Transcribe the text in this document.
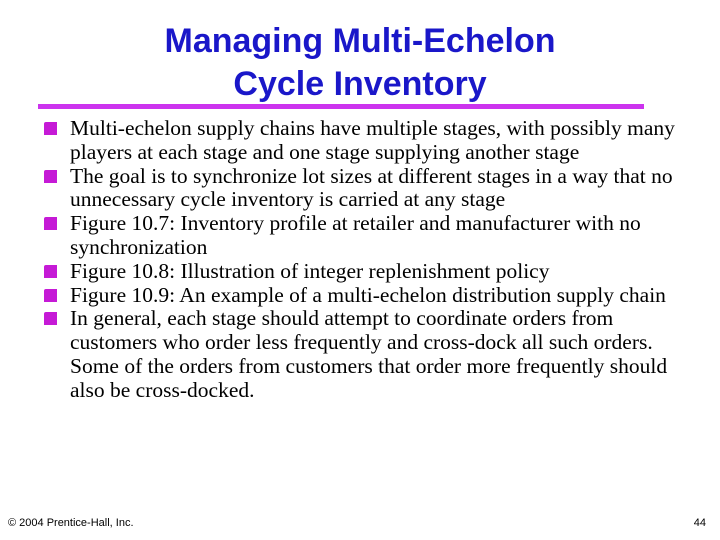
Managing Multi-Echelon
Cycle Inventory
Multi-echelon supply chains have multiple stages, with possibly many players at each stage and one stage supplying another stage
The goal is to synchronize lot sizes at different stages in a way that no unnecessary cycle inventory is carried at any stage
Figure 10.7: Inventory profile at retailer and manufacturer with no synchronization
Figure 10.8: Illustration of integer replenishment policy
Figure 10.9: An example of a multi-echelon distribution supply chain
In general, each stage should attempt to coordinate orders from customers who order less frequently and cross-dock all such orders. Some of the orders from customers that order more frequently should also be cross-docked.
© 2004 Prentice-Hall, Inc.	44
